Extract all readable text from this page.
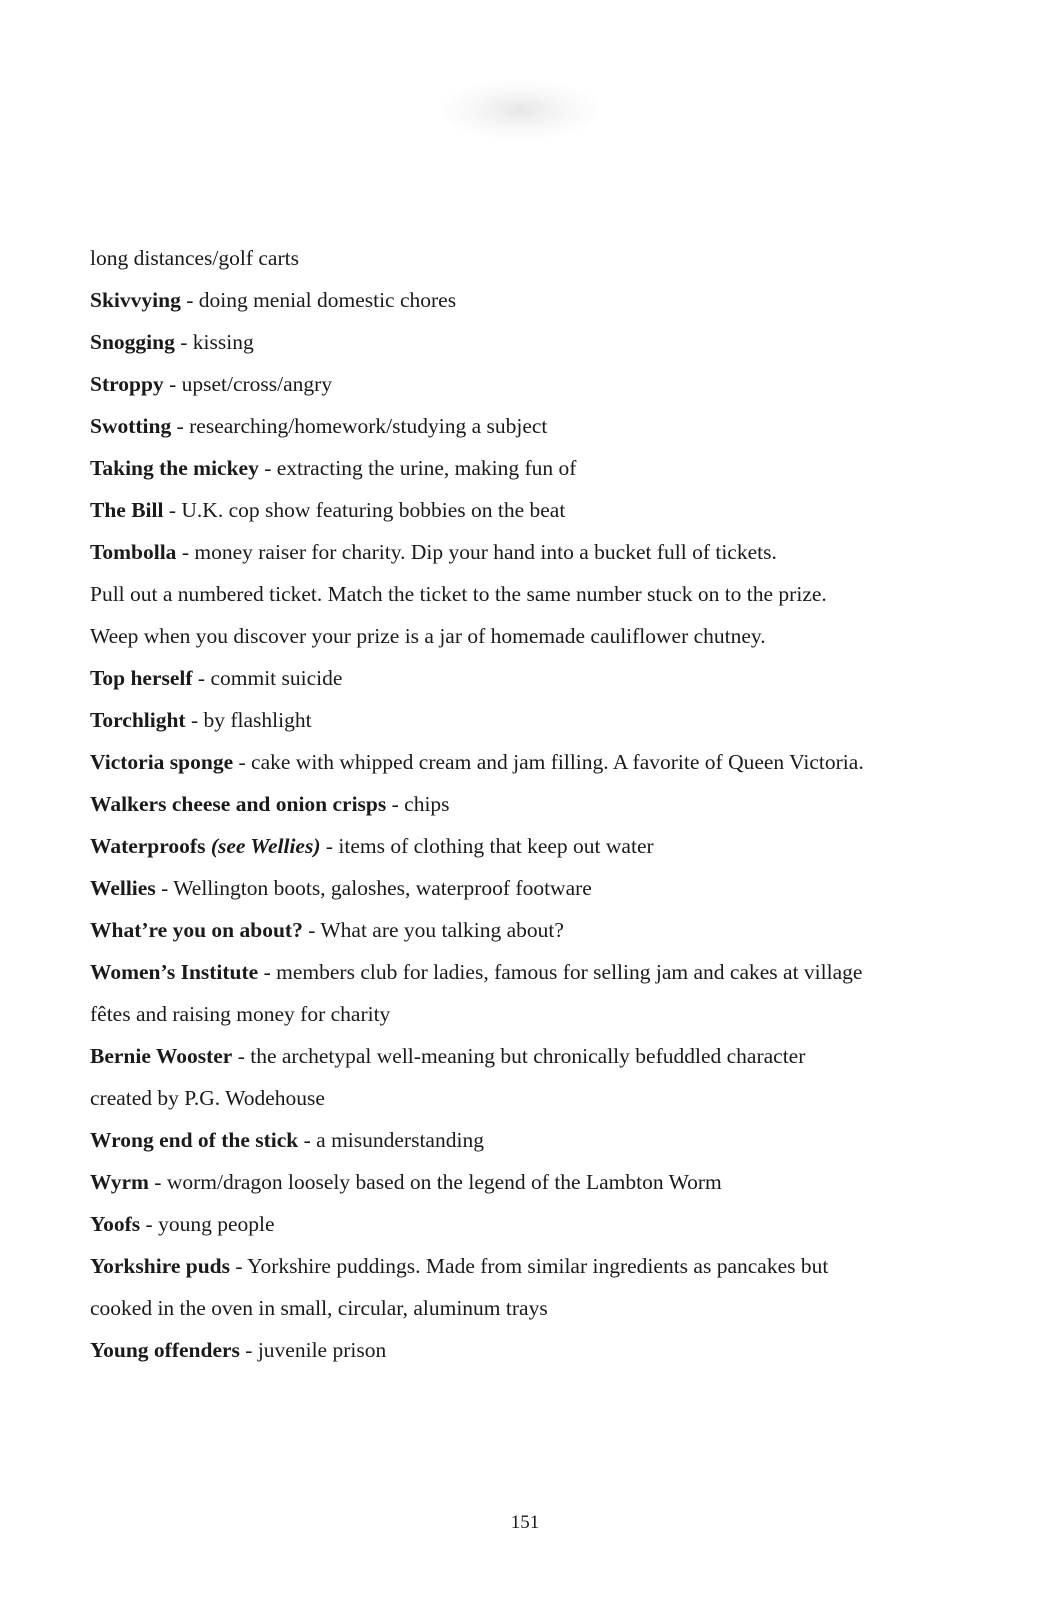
long distances/golf carts
Skivvying - doing menial domestic chores
Snogging - kissing
Stroppy - upset/cross/angry
Swotting - researching/homework/studying a subject
Taking the mickey - extracting the urine, making fun of
The Bill - U.K. cop show featuring bobbies on the beat
Tombolla - money raiser for charity. Dip your hand into a bucket full of tickets.
Pull out a numbered ticket. Match the ticket to the same number stuck on to the prize.
Weep when you discover your prize is a jar of homemade cauliflower chutney.
Top herself - commit suicide
Torchlight - by flashlight
Victoria sponge - cake with whipped cream and jam filling. A favorite of Queen Victoria.
Walkers cheese and onion crisps - chips
Waterproofs (see Wellies) - items of clothing that keep out water
Wellies - Wellington boots, galoshes, waterproof footware
What’re you on about? - What are you talking about?
Women’s Institute - members club for ladies, famous for selling jam and cakes at village
fêtes and raising money for charity
Bernie Wooster - the archetypal well-meaning but chronically befuddled character
created by P.G. Wodehouse
Wrong end of the stick - a misunderstanding
Wyrm - worm/dragon loosely based on the legend of the Lambton Worm
Yoofs - young people
Yorkshire puds - Yorkshire puddings. Made from similar ingredients as pancakes but
cooked in the oven in small, circular, aluminum trays
Young offenders - juvenile prison
151
